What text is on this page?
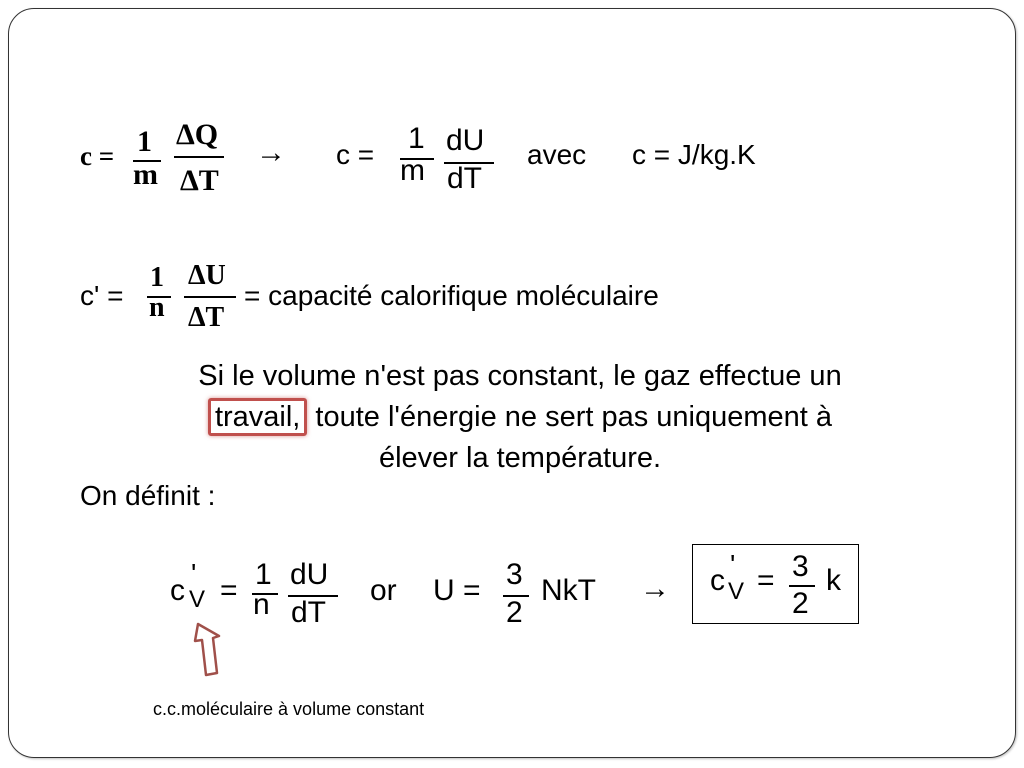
c = 1
m
ΔQ
ΔT
→ c = 1
m
dU
dT
avec c = J/kg.K
c' =
1
n
ΔU
ΔT
= capacité calorifique moléculaire
Si le volume n'est pas constant, le gaz effectue un
travail, toute l'énergie ne sert pas uniquement à
élever la température.
On définit :
c
'
V = 1
n
dU
dT
or U = 3
2
NkT → c '
V = 3
2
k
c.c.moléculaire à volume constant
